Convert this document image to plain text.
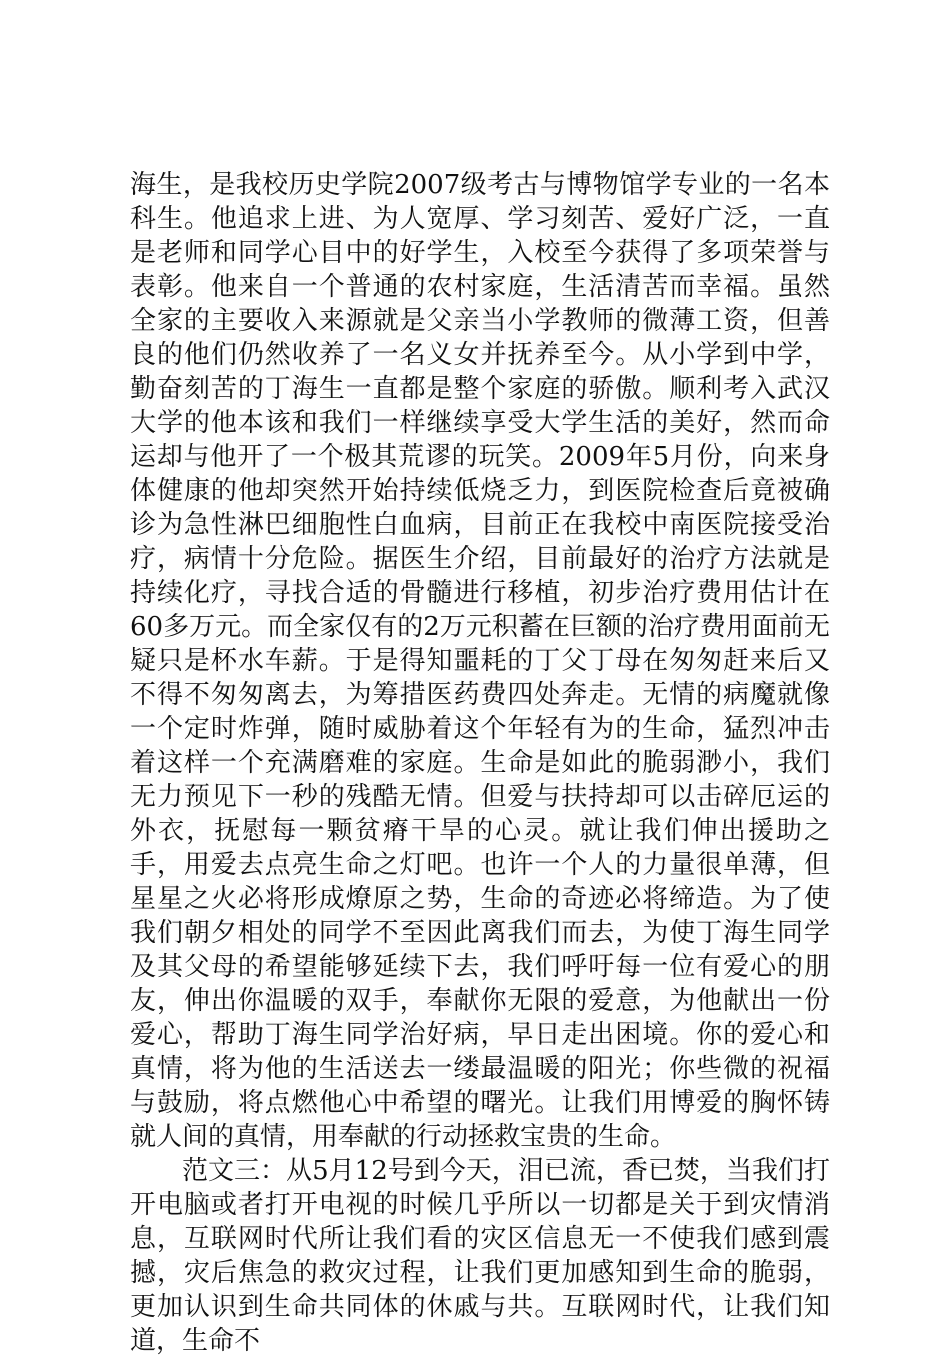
海生，是我校历史学院2007级考古与博物馆学专业的一名本科生。他追求上进、为人宽厚、学习刻苦、爱好广泛，一直是老师和同学心目中的好学生，入校至今获得了多项荣誉与表彰。他来自一个普通的农村家庭，生活清苦而幸福。虽然全家的主要收入来源就是父亲当小学教师的微薄工资，但善良的他们仍然收养了一名义女并抚养至今。从小学到中学，勤奋刻苦的丁海生一直都是整个家庭的骄傲。顺利考入武汉大学的他本该和我们一样继续享受大学生活的美好，然而命运却与他开了一个极其荒谬的玩笑。2009年5月份，向来身体健康的他却突然开始持续低烧乏力，到医院检查后竟被确诊为急性淋巴细胞性白血病，目前正在我校中南医院接受治疗，病情十分危险。据医生介绍，目前最好的治疗方法就是持续化疗，寻找合适的骨髓进行移植，初步治疗费用估计在60多万元。而全家仅有的2万元积蓄在巨额的治疗费用面前无疑只是杯水车薪。于是得知噩耗的丁父丁母在匆匆赶来后又不得不匆匆离去，为筹措医药费四处奔走。无情的病魔就像一个定时炸弹，随时威胁着这个年轻有为的生命，猛烈冲击着这样一个充满磨难的家庭。生命是如此的脆弱渺小，我们无力预见下一秒的残酷无情。但爱与扶持却可以击碎厄运的外衣，抚慰每一颗贫瘠干旱的心灵。就让我们伸出援助之手，用爱去点亮生命之灯吧。也许一个人的力量很单薄，但星星之火必将形成燎原之势，生命的奇迹必将缔造。为了使我们朝夕相处的同学不至因此离我们而去，为使丁海生同学及其父母的希望能够延续下去，我们呼吁每一位有爱心的朋友，伸出你温暖的双手，奉献你无限的爱意，为他献出一份爱心，帮助丁海生同学治好病，早日走出困境。你的爱心和真情，将为他的生活送去一缕最温暖的阳光；你些微的祝福与鼓励，将点燃他心中希望的曙光。让我们用博爱的胸怀铸就人间的真情，用奉献的行动拯救宝贵的生命。

范文三：从5月12号到今天，泪已流，香已焚，当我们打开电脑或者打开电视的时候几乎所以一切都是关于到灾情消息，互联网时代所让我们看的灾区信息无一不使我们感到震撼，灾后焦急的救灾过程，让我们更加感知到生命的脆弱，更加认识到生命共同体的休戚与共。互联网时代，让我们知道，生命不
